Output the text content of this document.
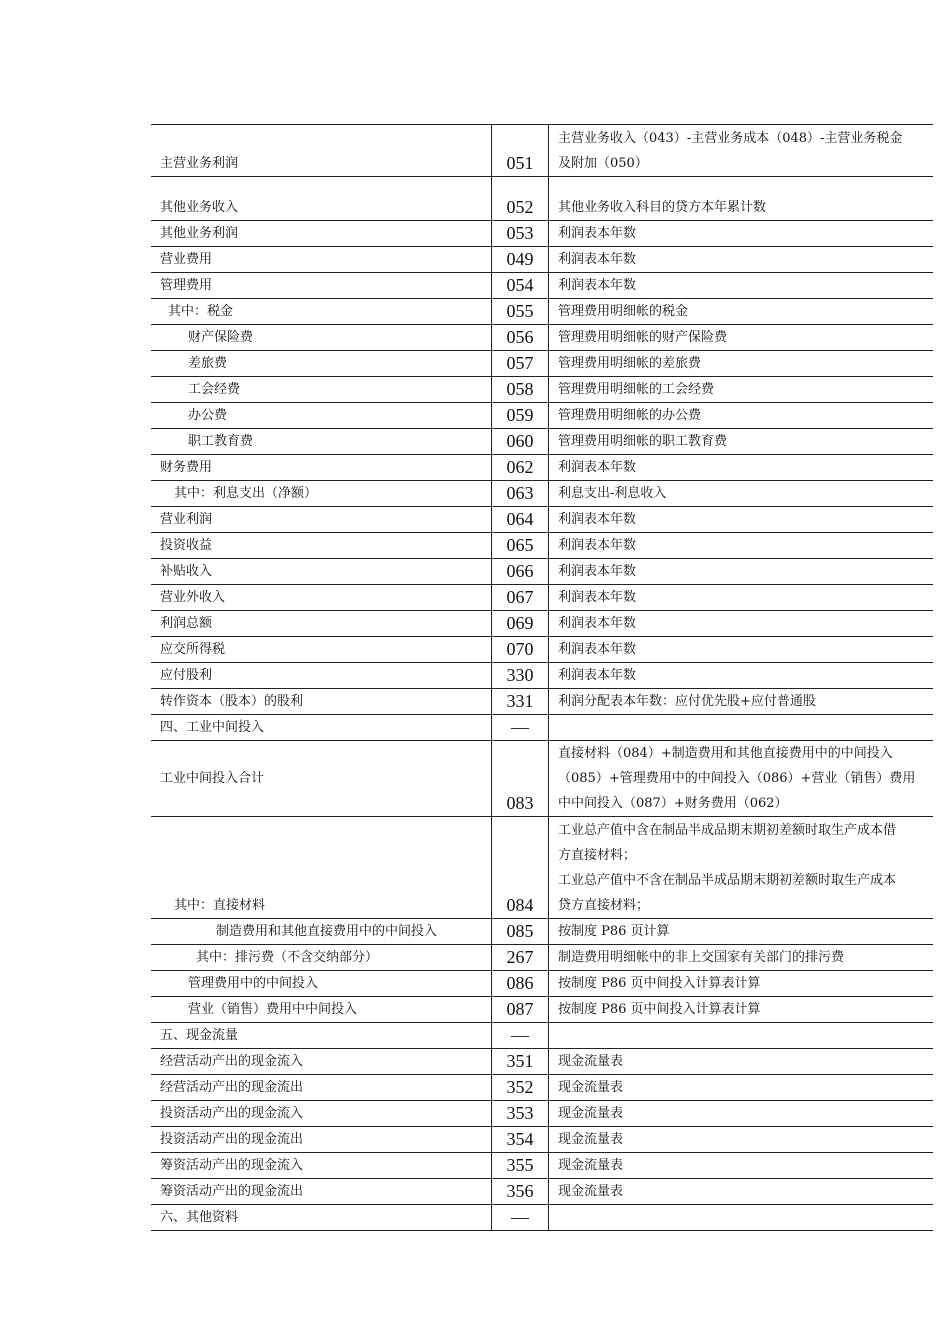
主营业务利润	051	主营业务收入（043）-主营业务成本（048）-主营业务税金
及附加（050）

其他业务收入	052	其他业务收入科目的贷方本年累计数

其他业务利润	053	利润表本年数

营业费用	049	利润表本年数

管理费用	054	利润表本年数

其中：税金	055	管理费用明细帐的税金

财产保险费	056	管理费用明细帐的财产保险费

差旅费	057	管理费用明细帐的差旅费

工会经费	058	管理费用明细帐的工会经费

办公费	059	管理费用明细帐的办公费

职工教育费	060	管理费用明细帐的职工教育费

财务费用	062	利润表本年数

其中：利息支出（净额）	063	利息支出-利息收入

营业利润	064	利润表本年数

投资收益	065	利润表本年数

补贴收入	066	利润表本年数

营业外收入	067	利润表本年数

利润总额	069	利润表本年数

应交所得税	070	利润表本年数

应付股利	330	利润表本年数

转作资本（股本）的股利	331	利润分配表本年数：应付优先股+应付普通股

四、工业中间投入	—	

工业中间投入合计	083	直接材料（084）+制造费用和其他直接费用中的中间投入
（085）+管理费用中的中间投入（086）+营业（销售）费用
中中间投入（087）+财务费用（062）

其中：直接材料	084	工业总产值中含在制品半成品期末期初差额时取生产成本借
方直接材料；
工业总产值中不含在制品半成品期末期初差额时取生产成本
贷方直接材料；

制造费用和其他直接费用中的中间投入	085	按制度 P86 页计算

其中：排污费（不含交纳部分）	267	制造费用明细帐中的非上交国家有关部门的排污费

管理费用中的中间投入	086	按制度 P86 页中间投入计算表计算

营业（销售）费用中中间投入	087	按制度 P86 页中间投入计算表计算

五、现金流量	—	

经营活动产出的现金流入	351	现金流量表

经营活动产出的现金流出	352	现金流量表

投资活动产出的现金流入	353	现金流量表

投资活动产出的现金流出	354	现金流量表

筹资活动产出的现金流入	355	现金流量表

筹资活动产出的现金流出	356	现金流量表

六、其他资料	—	
